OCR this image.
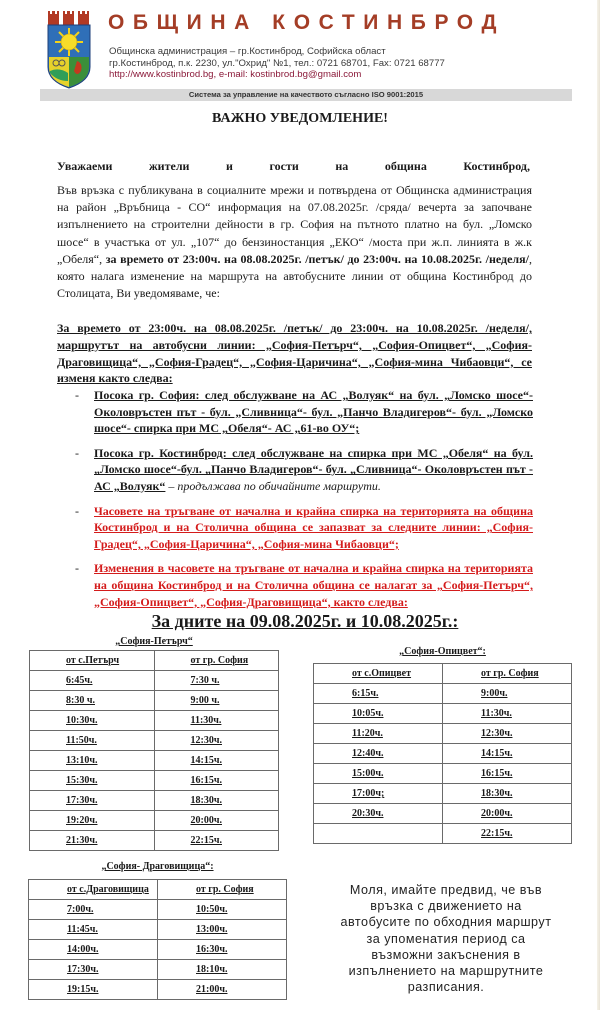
ОБЩИНА КОСТИНБРОД
Общинска администрация – гр.Костинброд, Софийска област
гр.Костинброд, п.к. 2230, ул."Охрид" №1, тел.: 0721 68701, Fax: 0721 68777
http://www.kostinbrod.bg, e-mail: kostinbrod.bg@gmail.com
Система за управление на качеството съгласно ISO 9001:2015
ВАЖНО УВЕДОМЛЕНИЕ!
Уважаеми	жители	и	гости	на	община	Костинброд,
Във връзка с публикувана в социалните мрежи и потвърдена от Общинска администрация на район „Връбница - СО“ информация на 07.08.2025г. /сряда/ вечерта за започване изпълнението на строителни дейности в гр. София на пътното платно на бул. „Ломско шосе“ в участъка от ул. „107“ до бензиностанция „ЕКО“ /моста при ж.п. линията в ж.к „Обеля“, за времето от 23:00ч. на 08.08.2025г. /петък/ до 23:00ч. на 10.08.2025г. /неделя/, която налага изменение на маршрута на автобусните линии от община Костинброд до Столицата, Ви уведомяваме, че:
За времето от 23:00ч. на 08.08.2025г. /петък/ до 23:00ч. на 10.08.2025г. /неделя/, маршрутът на автобусни линии: „София-Петърч“, „София-Опицвет“, „София-Драговищица“, „София-Градец“, „София-Царичина“, „София-мина Чибаовци“, се изменя както следва:
- Посока гр. София: след обслужване на АС „Волуяк“ на бул. „Ломско шосе“- Околовръстен път - бул. „Сливница“- бул. „Панчо Владигеров“- бул. „Ломско шосе“- спирка при МС „Обеля“- АС „61-во ОУ“;
- Посока гр. Костинброд: след обслужване на спирка при МС „Обеля“ на бул. „Ломско шосе“-бул. „Панчо Владигеров“- бул. „Сливница“- Околовръстен път - АС „Волуяк“ – продължава по обичайните маршрути.
- Часовете на тръгване от начална и крайна спирка на територията на община Костинброд и на Столична община се запазват за следните линии: „София-Градец“, „София-Царичина“, „София-мина Чибаовци“;
- Изменения в часовете на тръгване от начална и крайна спирка на територията на община Костинброд и на Столична община се налагат за „София-Петърч“, „София-Опицвет“, „София-Драговищица“, както следва:
За дните на 09.08.2025г. и 10.08.2025г.:
„София-Петърч“
от с.Петърч	от гр. София
6:45ч.	7:30 ч.
8:30 ч.	9:00 ч.
10:30ч.	11:30ч.
11:50ч.	12:30ч.
13:10ч.	14:15ч.
15:30ч.	16:15ч.
17:30ч.	18:30ч.
19:20ч.	20:00ч.
21:30ч.	22:15ч.
„София-Опицвет“:
от с.Опицвет	от гр. София
6:15ч.	9:00ч.
10:05ч.	11:30ч.
11:20ч.	12:30ч.
12:40ч.	14:15ч.
15:00ч.	16:15ч.
17:00ч;	18:30ч.
20:30ч.	20:00ч.
	22:15ч.
„София- Драговищица“:
от с.Драговищица	от гр. София
7:00ч.	10:50ч.
11:45ч.	13:00ч.
14:00ч.	16:30ч.
17:30ч.	18:10ч.
19:15ч.	21:00ч.
Моля, имайте предвид, че във
връзка с движението на
автобусите по обходния маршрут
за упоменатия период са
възможни закъснения в
изпълнението на маршрутните
разписания.
